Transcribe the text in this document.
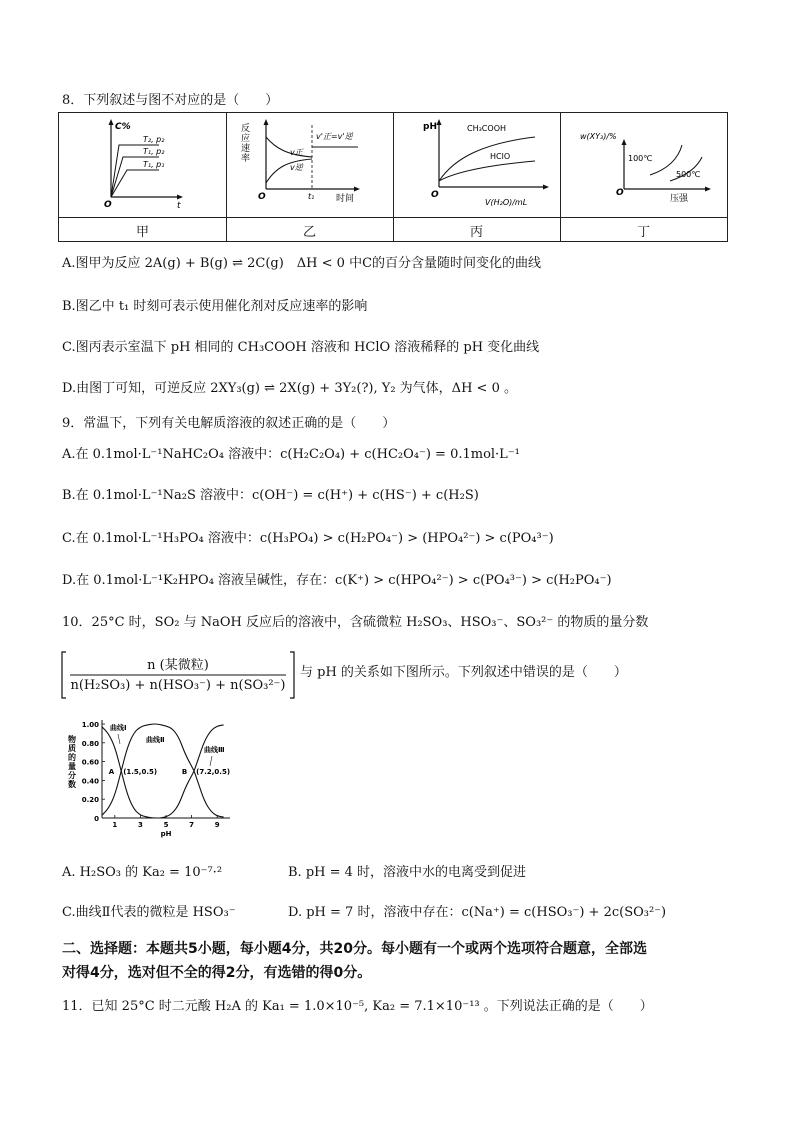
8．下列叙述与图不对应的是（　　）
C%
T₂, p₂
T₁, p₂
T₁, p₁
O	t
反
应
速
率
v正
v逆
v'正=v'逆
O	t₁ 时间
pH	CH₃COOH
HClO
O
V(H₂O)/mL
w(XY₃)/%
100℃
500℃
O
压强
甲	乙	丙	丁
A.图甲为反应 2A(g) + B(g) ⇌ 2C(g)　ΔH < 0 中C的百分含量随时间变化的曲线
B.图乙中 t₁ 时刻可表示使用催化剂对反应速率的影响
C.图丙表示室温下 pH 相同的 CH₃COOH 溶液和 HClO 溶液稀释的 pH 变化曲线
D.由图丁可知，可逆反应 2XY₃(g) ⇌ 2X(g) + 3Y₂(?), Y₂ 为气体，ΔH < 0 。
9．常温下，下列有关电解质溶液的叙述正确的是（　　）
A.在 0.1mol·L⁻¹NaHC₂O₄ 溶液中：c(H₂C₂O₄) + c(HC₂O₄⁻) = 0.1mol·L⁻¹
B.在 0.1mol·L⁻¹Na₂S 溶液中：c(OH⁻) = c(H⁺) + c(HS⁻) + c(H₂S)
C.在 0.1mol·L⁻¹H₃PO₄ 溶液中：c(H₃PO₄) > c(H₂PO₄⁻) > (HPO₄²⁻) > c(PO₄³⁻)
D.在 0.1mol·L⁻¹K₂HPO₄ 溶液呈碱性，存在：c(K⁺) > c(HPO₄²⁻) > c(PO₄³⁻) > c(H₂PO₄⁻)
10．25°C 时，SO₂ 与 NaOH 反应后的溶液中，含硫微粒 H₂SO₃、HSO₃⁻、SO₃²⁻ 的物质的量分数
n (某微粒)
n(H₂SO₃) + n(HSO₃⁻) + n(SO₃²⁻)
与 pH 的关系如下图所示。下列叙述中错误的是（　　）
0
0.20
0.40
0.60
0.80
1.00
1	3	5	7	9
pH
物
质
的
量
分
数
曲线Ⅰ
曲线Ⅱ
曲线Ⅲ
A (1.5,0.5)	B (7.2,0.5)
A. H₂SO₃ 的 Ka₂ = 10⁻⁷·²	B. pH = 4 时，溶液中水的电离受到促进
C.曲线Ⅱ代表的微粒是 HSO₃⁻	D. pH = 7 时，溶液中存在：c(Na⁺) = c(HSO₃⁻) + 2c(SO₃²⁻)
二、选择题：本题共5小题，每小题4分，共20分。每小题有一个或两个选项符合题意，全部选
对得4分，选对但不全的得2分，有选错的得0分。
11．已知 25°C 时二元酸 H₂A 的 Ka₁ = 1.0×10⁻⁵, Ka₂ = 7.1×10⁻¹³ 。下列说法正确的是（　　）
